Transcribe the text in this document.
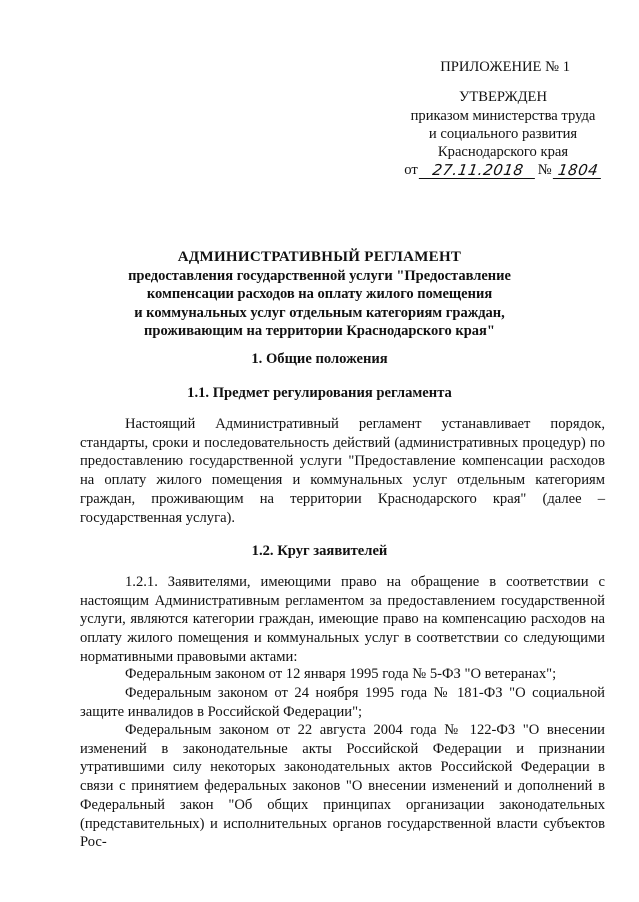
ПРИЛОЖЕНИЕ № 1
УТВЕРЖДЕН
приказом министерства труда
и социального развития
Краснодарского края
от 27.11.2018 № 1804
АДМИНИСТРАТИВНЫЙ РЕГЛАМЕНТ
предоставления государственной услуги "Предоставление
компенсации расходов на оплату жилого помещения
и коммунальных услуг отдельным категориям граждан,
проживающим на территории Краснодарского края"
1. Общие положения
1.1. Предмет регулирования регламента
Настоящий Административный регламент устанавливает порядок, стандарты, сроки и последовательность действий (административных процедур) по предоставлению государственной услуги "Предоставление компенсации расходов на оплату жилого помещения и коммунальных услуг отдельным категориям граждан, проживающим на территории Краснодарского края" (далее – государственная услуга).
1.2. Круг заявителей
1.2.1. Заявителями, имеющими право на обращение в соответствии с настоящим Административным регламентом за предоставлением государственной услуги, являются категории граждан, имеющие право на компенсацию расходов на оплату жилого помещения и коммунальных услуг в соответствии со следующими нормативными правовыми актами:
Федеральным законом от 12 января 1995 года № 5-ФЗ "О ветеранах";
Федеральным законом от 24 ноября 1995 года № 181-ФЗ "О социальной защите инвалидов в Российской Федерации";
Федеральным законом от 22 августа 2004 года № 122-ФЗ "О внесении изменений в законодательные акты Российской Федерации и признании утратившими силу некоторых законодательных актов Российской Федерации в связи с принятием федеральных законов "О внесении изменений и дополнений в Федеральный закон "Об общих принципах организации законодательных (представительных) и исполнительных органов государственной власти субъектов Рос-
